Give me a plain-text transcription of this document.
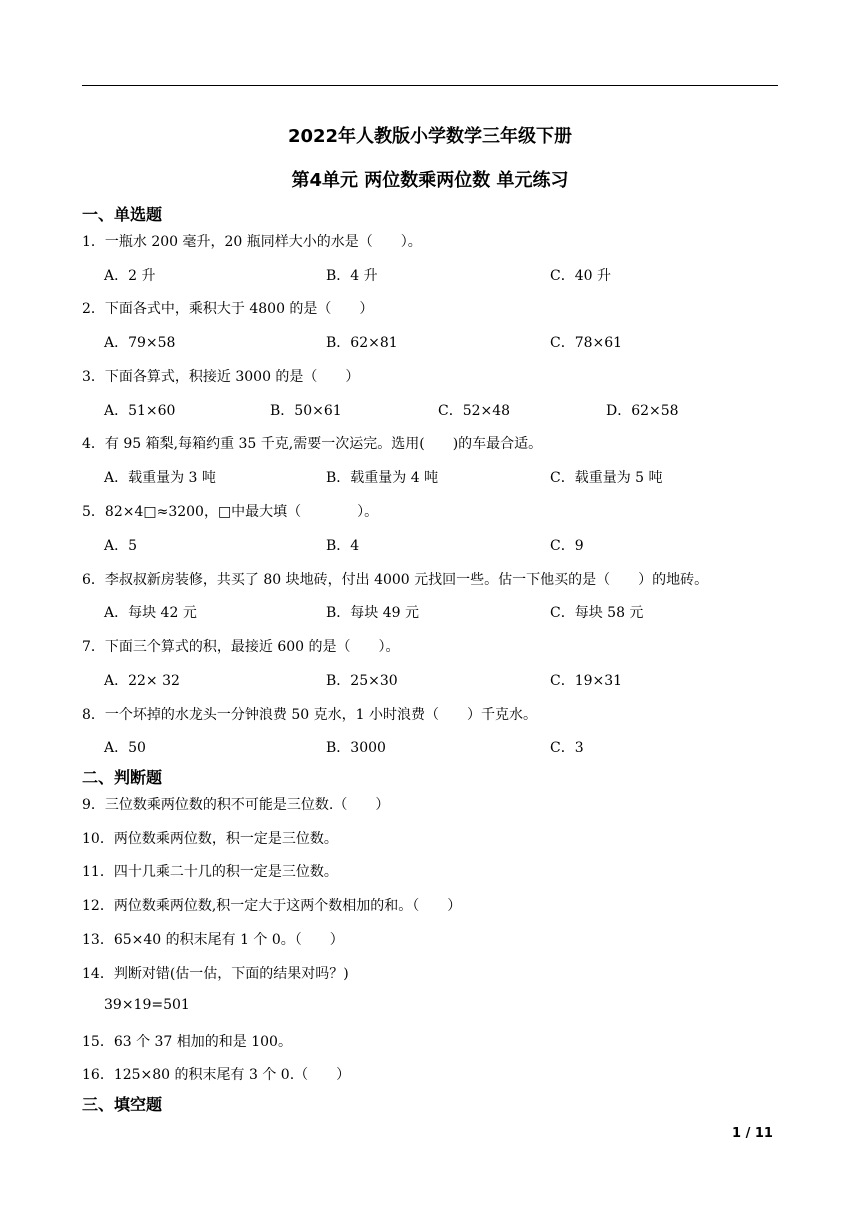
2022年人教版小学数学三年级下册
第4单元 两位数乘两位数 单元练习
一、单选题
1．一瓶水 200 毫升，20 瓶同样大小的水是（　　）。
A．2 升	B．4 升	C．40 升
2．下面各式中，乘积大于 4800 的是（　　）
A．79×58	B．62×81	C．78×61
3．下面各算式，积接近 3000 的是（　　）
A．51×60	B．50×61	C．52×48	D．62×58
4．有 95 箱梨,每箱约重 35 千克,需要一次运完。选用(　　)的车最合适。
A．载重量为 3 吨	B．载重量为 4 吨	C．载重量为 5 吨
5．82×4□≈3200，□中最大填（　　　　）。
A．5	B．4	C．9
6．李叔叔新房装修，共买了 80 块地砖，付出 4000 元找回一些。估一下他买的是（　　）的地砖。
A．每块 42 元	B．每块 49 元	C．每块 58 元
7．下面三个算式的积，最接近 600 的是（　　）。
A．22× 32	B．25×30	C．19×31
8．一个坏掉的水龙头一分钟浪费 50 克水，1 小时浪费（　　）千克水。
A．50	B．3000	C．3
二、判断题
9．三位数乘两位数的积不可能是三位数.（　　）
10．两位数乘两位数，积一定是三位数。
11．四十几乘二十几的积一定是三位数。
12．两位数乘两位数,积一定大于这两个数相加的和。（　　）
13．65×40 的积末尾有 1 个 0。（　　）
14．判断对错(估一估，下面的结果对吗？)
39×19=501
15．63 个 37 相加的和是 100。
16．125×80 的积末尾有 3 个 0.（　　）
三、填空题
1 / 11
